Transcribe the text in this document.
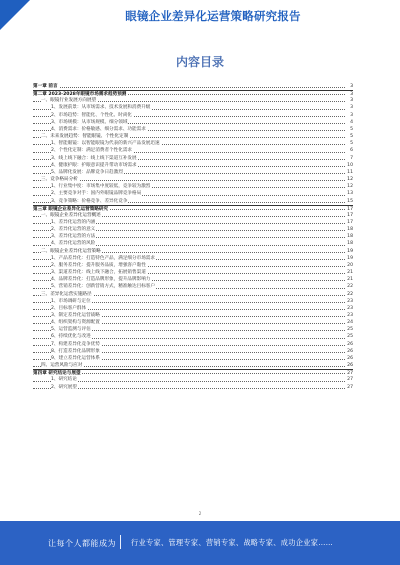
眼镜企业差异化运营策略研究报告
内容目录
第一章 前言	3
第二章 2023-2028年眼镜市场需求趋势预测	3
一、眼镜行业发展方向展望	3
1、发展前景：从市场需求、技术发展和消费升级	3
2、市场趋势：智能化、个性化、时尚化	3
3、市场规模：从市场规模、细分领域	4
4、消费需求：价格敏感、细分需求、功能需求	5
二、未来发展趋势：智能眼镜、个性化定制	5
1、智能眼镜：以智能眼镜为代表的新兴产品发展迅速	5
2、个性化定制：满足消费者个性化需求	6
3、线上线下融合：线上线下渠道互补发展	7
4、健康护眼：护眼意识提升带动市场需求	10
5、品牌化发展：品牌竞争日趋激烈	11
三、竞争格局分析	12
1、行业集中度：市场集中度较低，竞争较为激烈	12
2、主要竞争对手：国内外眼镜品牌竞争格局	13
3、竞争策略：价格竞争、差异化竞争	15
第三章 眼镜企业差异化运营策略研究	17
一、眼镜企业差异化运营概述	17
1、差异化运营的内涵	17
2、差异化运营的意义	18
3、差异化运营的方法	18
4、差异化运营的风险	18
二、眼镜企业差异化运营策略	19
1、产品差异化：打造特色产品，满足细分市场需求	19
2、服务差异化：提升服务品质，增强客户黏性	20
3、渠道差异化：线上线下融合，拓展销售渠道	21
4、品牌差异化：打造品牌形象，提升品牌影响力	21
5、营销差异化：创新营销方式，精准触达目标客户	22
三、差异化运营实施路径	22
1、市场调研与定位	23
2、目标客户群体	23
3、制定差异化运营战略	23
4、组织架构与资源配置	24
5、运营监测与评估	25
6、持续优化与改进	25
7、构建差异化竞争优势	26
8、打造差异化品牌形象	26
9、建立差异化运营体系	26
四、运营风险与应对	26
第四章 研究结论与展望	27
1、研究结论	27
2、研究展望	27
2
让每个人都能成为 行业专家、管理专家、营销专家、战略专家、成功企业家……
